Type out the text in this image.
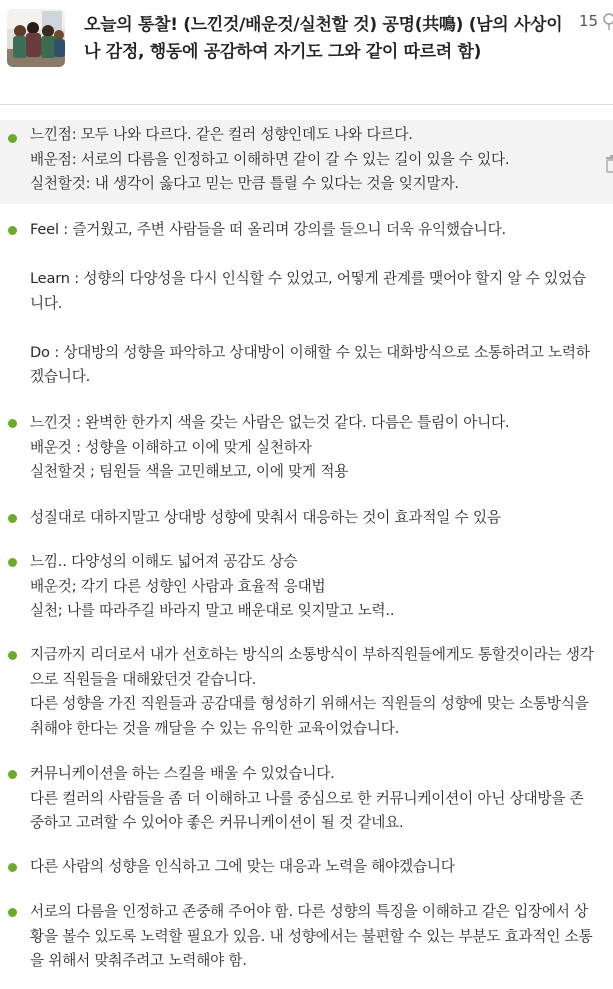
오늘의 통찰! (느낀것/배운것/실천할 것) 공명(共鳴) (남의 사상이나 감정, 행동에 공감하여 자기도 그와 같이 따르려 함)
15
느낀점: 모두 나와 다르다. 같은 컬러 성향인데도 나와 다르다.
배운점: 서로의 다름을 인정하고 이해하면 같이 갈 수 있는 길이 있을 수 있다.
실천할것: 내 생각이 옳다고 믿는 만큼 틀릴 수 있다는 것을 잊지말자.
Feel : 즐거웠고, 주변 사람들을 떠 올리며 강의를 들으니 더욱 유익했습니다.

Learn : 성향의 다양성을 다시 인식할 수 있었고, 어떻게 관계를 맺어야 할지 알 수 있었습니다.

Do : 상대방의 성향을 파악하고 상대방이 이해할 수 있는 대화방식으로 소통하려고 노력하겠습니다.
느낀것 : 완벽한 한가지 색을 갖는 사람은 없는것 같다. 다름은 틀림이 아니다.
배운것 : 성향을 이해하고 이에 맞게 실천하자
실천할것 ; 팀원들 색을 고민해보고, 이에 맞게 적용
성질대로 대하지말고 상대방 성향에 맞춰서 대응하는 것이 효과적일 수 있음
느낌.. 다양성의 이해도 넓어져 공감도 상승
배운것; 각기 다른 성향인 사람과 효율적 응대법
실천; 나를 따라주길 바라지 말고 배운대로 잊지말고 노력..
지금까지 리더로서 내가 선호하는 방식의 소통방식이 부하직원들에게도 통할것이라는 생각으로 직원들을 대해왔던것 같습니다.
다른 성향을 가진 직원들과 공감대를 형성하기 위해서는 직원들의 성향에 맞는 소통방식을 취해야 한다는 것을 깨달을 수 있는 유익한 교육이었습니다.
커뮤니케이션을 하는 스킬을 배울 수 있었습니다.
다른 컬러의 사람들을 좀 더 이해하고 나를 중심으로 한 커뮤니케이션이 아닌 상대방을 존중하고 고려할 수 있어야 좋은 커뮤니케이션이 될 것 같네요.
다른 사람의 성향을 인식하고 그에 맞는 대응과 노력을 해야겠습니다
서로의 다름을 인정하고 존중해 주어야 함. 다른 성향의 특징을 이해하고 같은 입장에서 상황을 볼수 있도록 노력할 필요가 있음. 내 성향에서는 불편할 수 있는 부분도 효과적인 소통을 위해서 맞춰주려고 노력해야 함.
